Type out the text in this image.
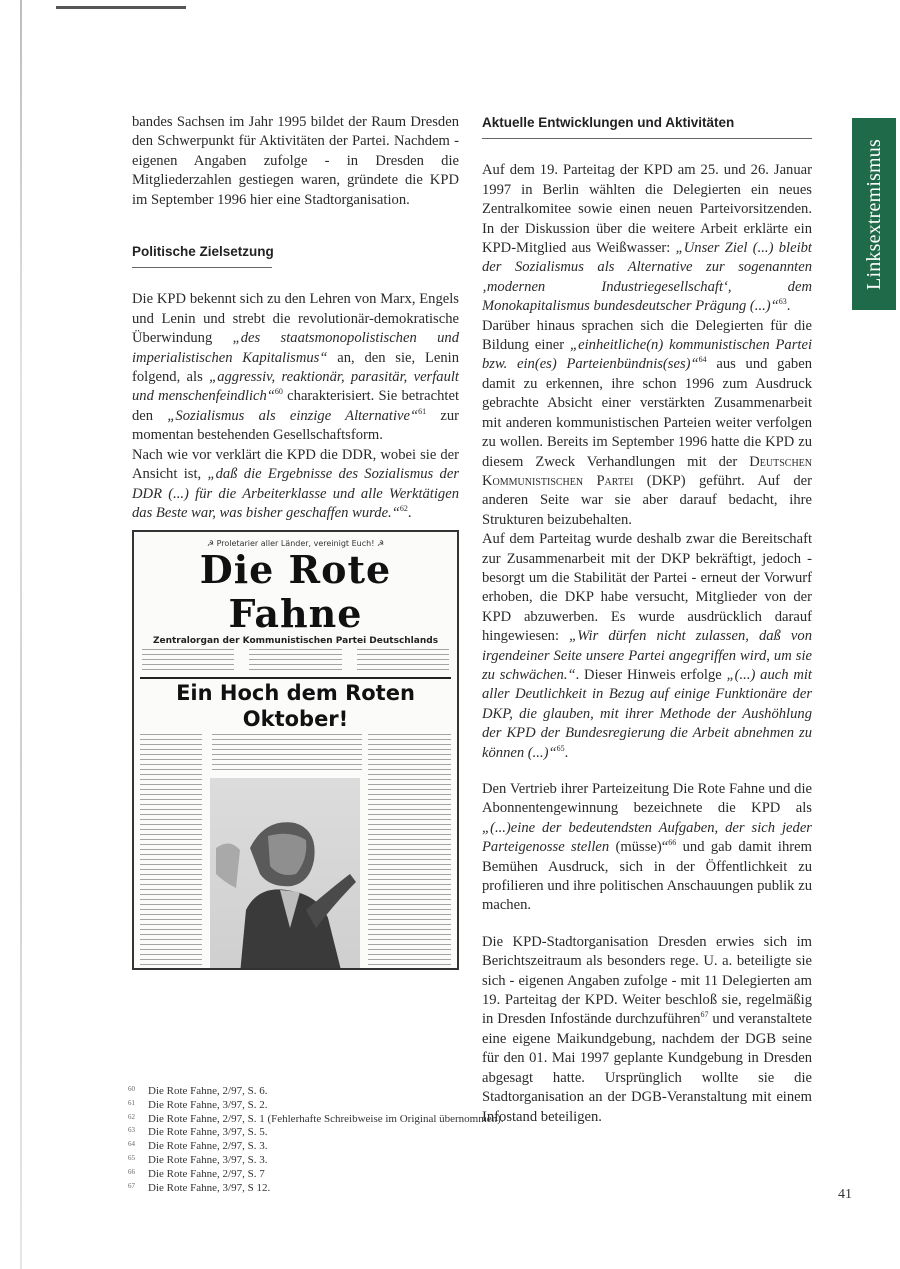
Linksextremismus

bandes Sachsen im Jahr 1995 bildet der Raum Dresden den Schwerpunkt für Aktivitäten der Partei. Nachdem - eigenen Angaben zufolge - in Dresden die Mitgliederzahlen gestiegen waren, gründete die KPD im September 1996 hier eine Stadtorganisation.

Politische Zielsetzung

Die KPD bekennt sich zu den Lehren von Marx, Engels und Lenin und strebt die revolutionär-demokratische Überwindung „des staatsmonopolistischen und imperialistischen Kapitalismus“ an, den sie, Lenin folgend, als „aggressiv, reaktionär, parasitär, verfault und menschenfeindlich“$^{60}$ charakterisiert. Sie betrachtet den „Sozialismus als einzige Alternative“$^{61}$ zur momentan bestehenden Gesellschaftsform.

Nach wie vor verklärt die KPD die DDR, wobei sie der Ansicht ist, „daß die Ergebnisse des Sozialismus der DDR (...) für die Arbeiterklasse und alle Werktätigen das Beste war, was bisher geschaffen wurde.“$^{62}$.

☭ Proletarier aller Länder, vereinigt Euch! ☭
Die Rote Fahne
Zentralorgan der Kommunistischen Partei Deutschlands
Ein Hoch dem Roten Oktober!
Aktuelle Entwicklungen und Aktivitäten

Auf dem 19. Parteitag der KPD am 25. und 26. Januar 1997 in Berlin wählten die Delegierten ein neues Zentralkomitee sowie einen neuen Parteivorsitzenden. In der Diskussion über die weitere Arbeit erklärte ein KPD-Mitglied aus Weißwasser: „Unser Ziel (...) bleibt der Sozialismus als Alternative zur sogenannten ‚modernen Industriegesellschaft‘, dem Monokapitalismus bundesdeutscher Prägung (...)“$^{63}$.

Darüber hinaus sprachen sich die Delegierten für die Bildung einer „einheitliche(n) kommunistischen Partei bzw. ein(es) Parteienbündnis(ses)“$^{64}$ aus und gaben damit zu erkennen, ihre schon 1996 zum Ausdruck gebrachte Absicht einer verstärkten Zusammenarbeit mit anderen kommunistischen Parteien weiter verfolgen zu wollen. Bereits im September 1996 hatte die KPD zu diesem Zweck Verhandlungen mit der Deutschen Kommunistischen Partei (DKP) geführt. Auf der anderen Seite war sie aber darauf bedacht, ihre Strukturen beizubehalten.

Auf dem Parteitag wurde deshalb zwar die Bereitschaft zur Zusammenarbeit mit der DKP bekräftigt, jedoch - besorgt um die Stabilität der Partei - erneut der Vorwurf erhoben, die DKP habe versucht, Mitglieder von der KPD abzuwerben. Es wurde ausdrücklich darauf hingewiesen: „Wir dürfen nicht zulassen, daß von irgendeiner Seite unsere Partei angegriffen wird, um sie zu schwächen.“. Dieser Hinweis erfolge „(...) auch mit aller Deutlichkeit in Bezug auf einige Funktionäre der DKP, die glauben, mit ihrer Methode der Aushöhlung der KPD der Bundesregierung die Arbeit abnehmen zu können (...)“$^{65}$.

Den Vertrieb ihrer Parteizeitung Die Rote Fahne und die Abonnentengewinnung bezeichnete die KPD als „(...)eine der bedeutendsten Aufgaben, der sich jeder Parteigenosse stellen (müsse)“$^{66}$ und gab damit ihrem Bemühen Ausdruck, sich in der Öffentlichkeit zu profilieren und ihre politischen Anschauungen publik zu machen.

Die KPD-Stadtorganisation Dresden erwies sich im Berichtszeitraum als besonders rege. U. a. beteiligte sie sich - eigenen Angaben zufolge - mit 11 Delegierten am 19. Parteitag der KPD. Weiter beschloß sie, regelmäßig in Dresden Infostände durchzuführen$^{67}$ und veranstaltete eine eigene Maikundgebung, nachdem der DGB seine für den 01. Mai 1997 geplante Kundgebung in Dresden abgesagt hatte. Ursprünglich wollte sie die Stadtorganisation an der DGB-Veranstaltung mit einem Infostand beteiligen.

60	Die Rote Fahne, 2/97, S. 6.
61	Die Rote Fahne, 3/97, S. 2.
62	Die Rote Fahne, 2/97, S. 1 (Fehlerhafte Schreibweise im Original übernommen).
63	Die Rote Fahne, 3/97, S. 5.
64	Die Rote Fahne, 2/97, S. 3.
65	Die Rote Fahne, 3/97, S. 3.
66	Die Rote Fahne, 2/97, S. 7
67	Die Rote Fahne, 3/97, S 12.	41
